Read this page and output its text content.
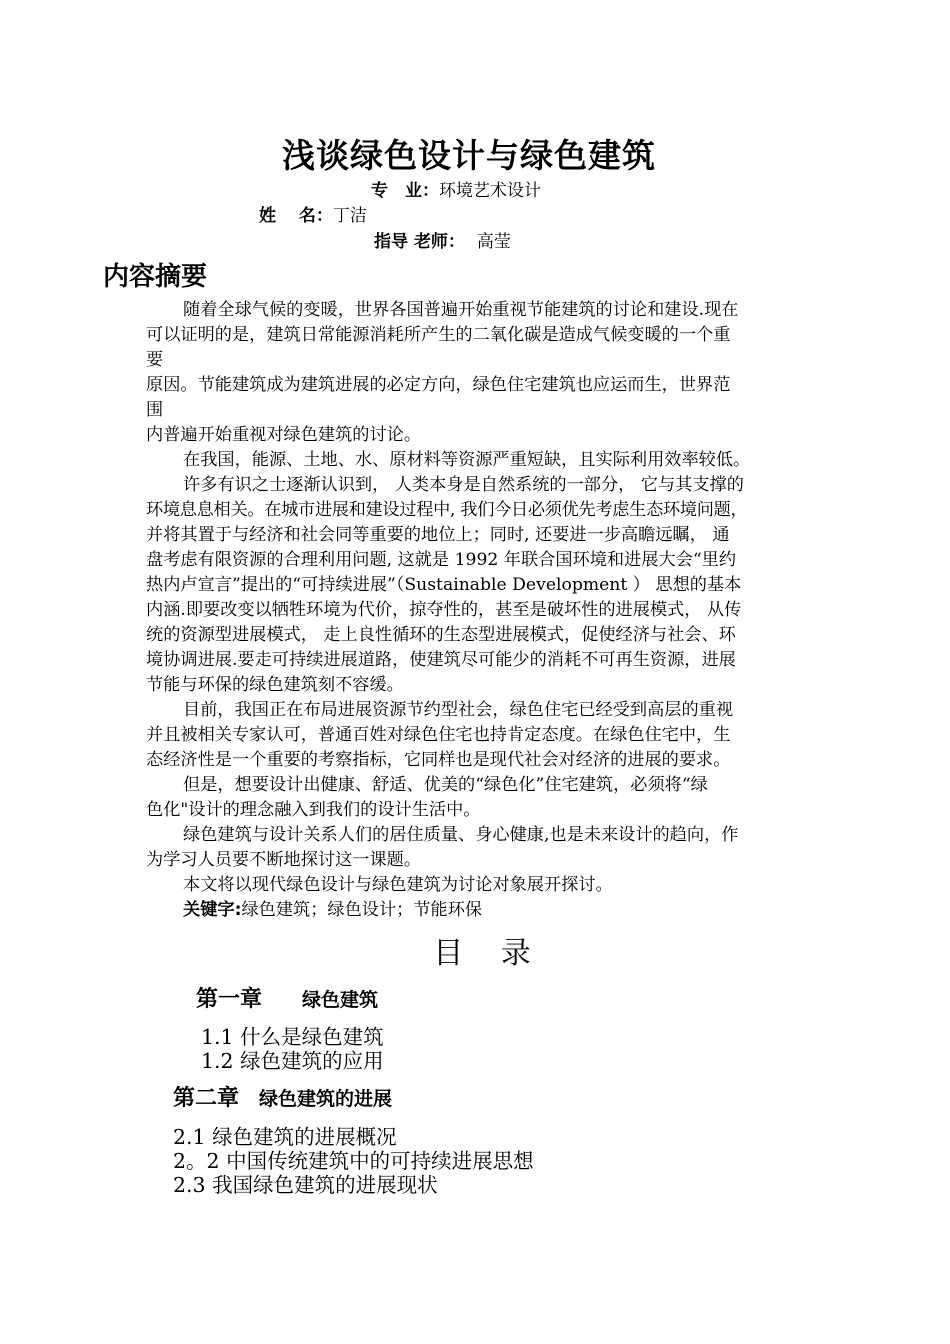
浅谈绿色设计与绿色建筑
专　业：环境艺术设计
姓　 名：丁洁
指导 老师： 高莹
内容摘要
随着全球气候的变暖，世界各国普遍开始重视节能建筑的讨论和建设.现在
可以证明的是，建筑日常能源消耗所产生的二氧化碳是造成气候变暖的一个重
要
原因。节能建筑成为建筑进展的必定方向，绿色住宅建筑也应运而生，世界范
围
内普遍开始重视对绿色建筑的讨论。
在我国，能源、土地、水、原材料等资源严重短缺，且实际利用效率较低。
许多有识之士逐渐认识到， 人类本身是自然系统的一部分， 它与其支撑的
环境息息相关。在城市进展和建设过程中, 我们今日必须优先考虑生态环境问题，
并将其置于与经济和社会同等重要的地位上；同时, 还要进一步高瞻远瞩， 通
盘考虑有限资源的合理利用问题, 这就是 1992 年联合国环境和进展大会“里约
热内卢宣言”提出的“可持续进展”（Sustainable Development ） 思想的基本
内涵.即要改变以牺牲环境为代价，掠夺性的，甚至是破坏性的进展模式， 从传
统的资源型进展模式， 走上良性循环的生态型进展模式，促使经济与社会、环
境协调进展.要走可持续进展道路，使建筑尽可能少的消耗不可再生资源，进展
节能与环保的绿色建筑刻不容缓。
目前，我国正在布局进展资源节约型社会，绿色住宅已经受到高层的重视
并且被相关专家认可，普通百姓对绿色住宅也持肯定态度。在绿色住宅中，生
态经济性是一个重要的考察指标，它同样也是现代社会对经济的进展的要求。
但是，想要设计出健康、舒适、优美的“绿色化”住宅建筑，必须将“绿
色化"设计的理念融入到我们的设计生活中。
绿色建筑与设计关系人们的居住质量、身心健康,也是未来设计的趋向，作
为学习人员要不断地探讨这一课题。
本文将以现代绿色设计与绿色建筑为讨论对象展开探讨。
关键字:绿色建筑；绿色设计；节能环保
目 录
第一章 绿色建筑
1.1 什么是绿色建筑
1.2 绿色建筑的应用
第二章 绿色建筑的进展
2.1 绿色建筑的进展概况
2。2 中国传统建筑中的可持续进展思想
2.3 我国绿色建筑的进展现状
